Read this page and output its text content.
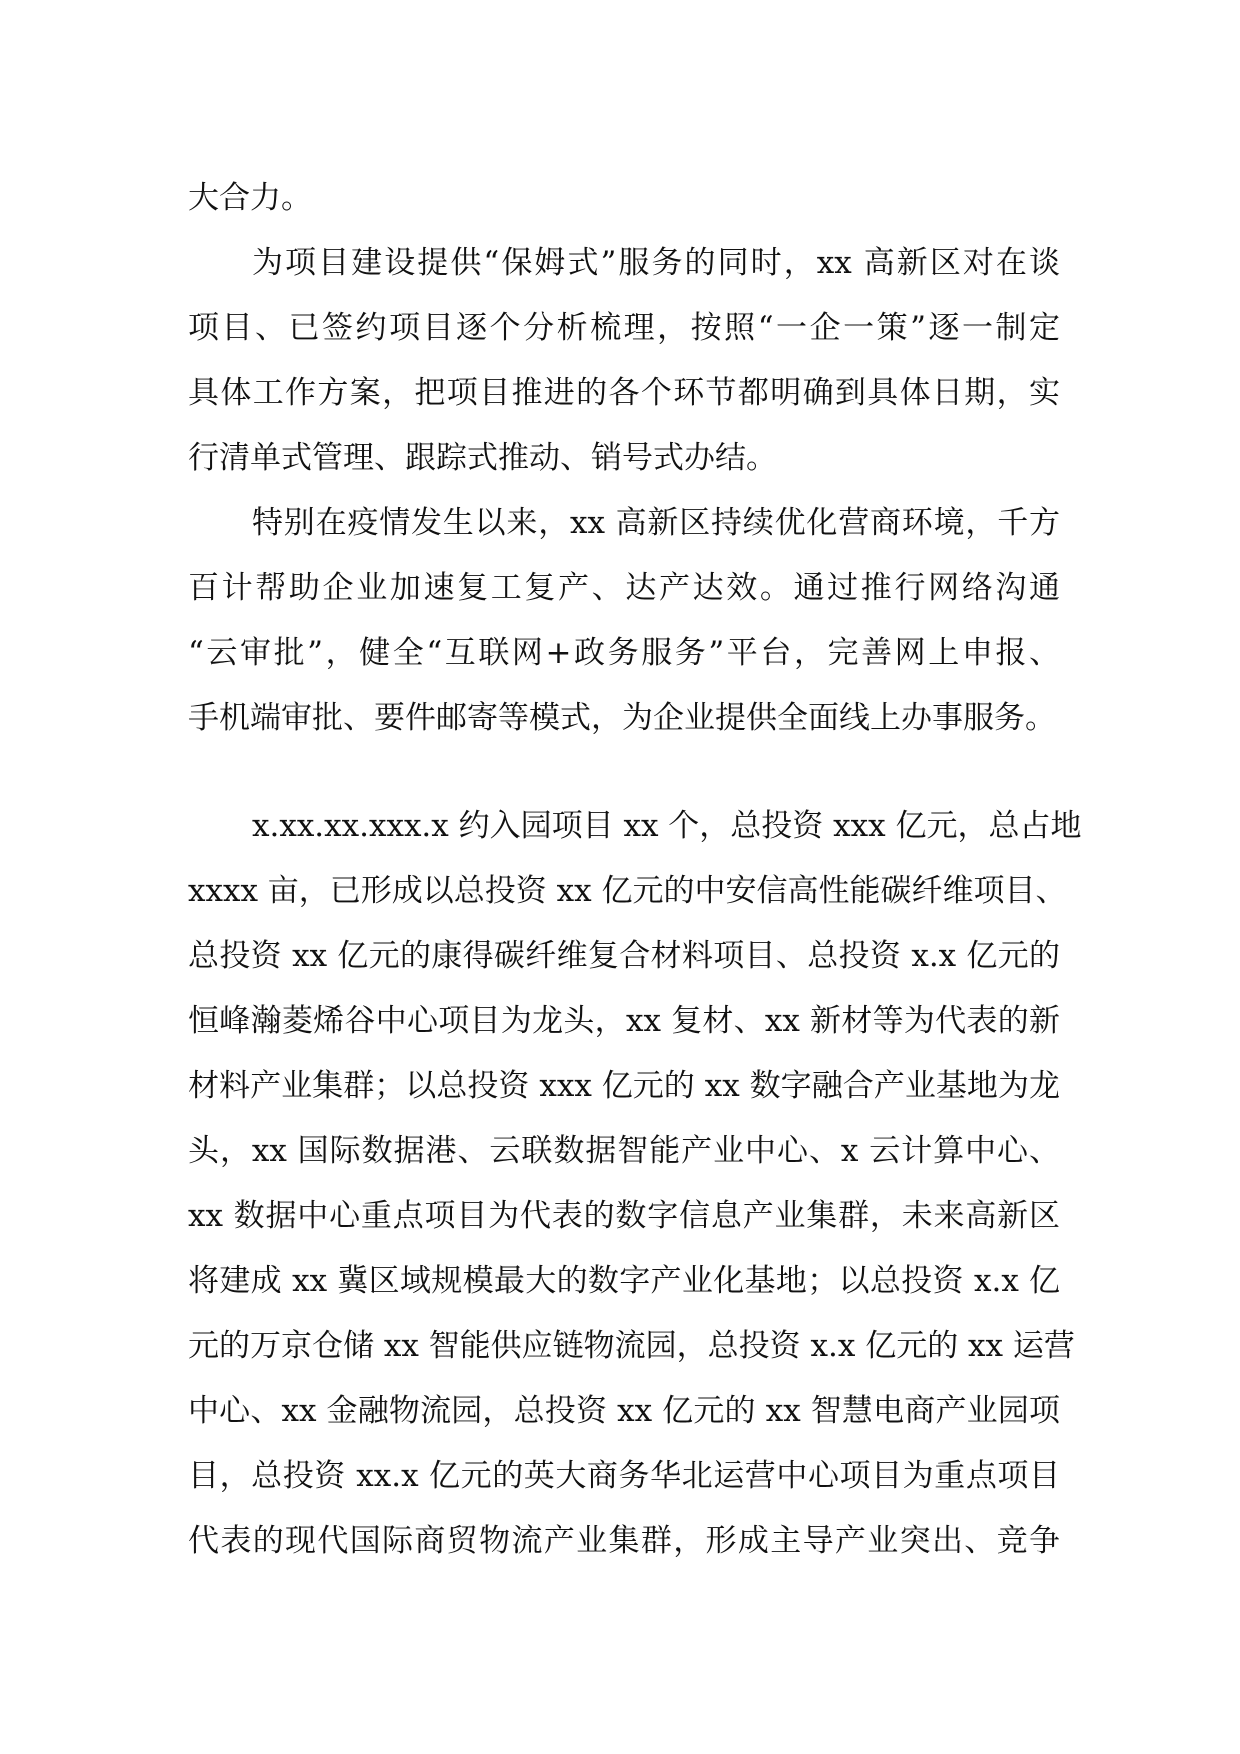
大合力。
为项目建设提供“保姆式”服务的同时，xx 高新区对在谈
项目、已签约项目逐个分析梳理，按照“一企一策”逐一制定
具体工作方案，把项目推进的各个环节都明确到具体日期，实
行清单式管理、跟踪式推动、销号式办结。
特别在疫情发生以来，xx 高新区持续优化营商环境，千方
百计帮助企业加速复工复产、达产达效。通过推行网络沟通
“云审批”，健全“互联网+政务服务”平台，完善网上申报、
手机端审批、要件邮寄等模式，为企业提供全面线上办事服务。
x.xx.xx.xxx.x 约入园项目 xx 个，总投资 xxx 亿元，总占地
xxxx 亩，已形成以总投资 xx 亿元的中安信高性能碳纤维项目、
总投资 xx 亿元的康得碳纤维复合材料项目、总投资 x.x 亿元的
恒峰瀚菱烯谷中心项目为龙头，xx 复材、xx 新材等为代表的新
材料产业集群；以总投资 xxx 亿元的 xx 数字融合产业基地为龙
头，xx 国际数据港、云联数据智能产业中心、x 云计算中心、
xx 数据中心重点项目为代表的数字信息产业集群，未来高新区
将建成 xx 冀区域规模最大的数字产业化基地；以总投资 x.x 亿
元的万京仓储 xx 智能供应链物流园，总投资 x.x 亿元的 xx 运营
中心、xx 金融物流园，总投资 xx 亿元的 xx 智慧电商产业园项
目，总投资 xx.x 亿元的英大商务华北运营中心项目为重点项目
代表的现代国际商贸物流产业集群，形成主导产业突出、竞争
